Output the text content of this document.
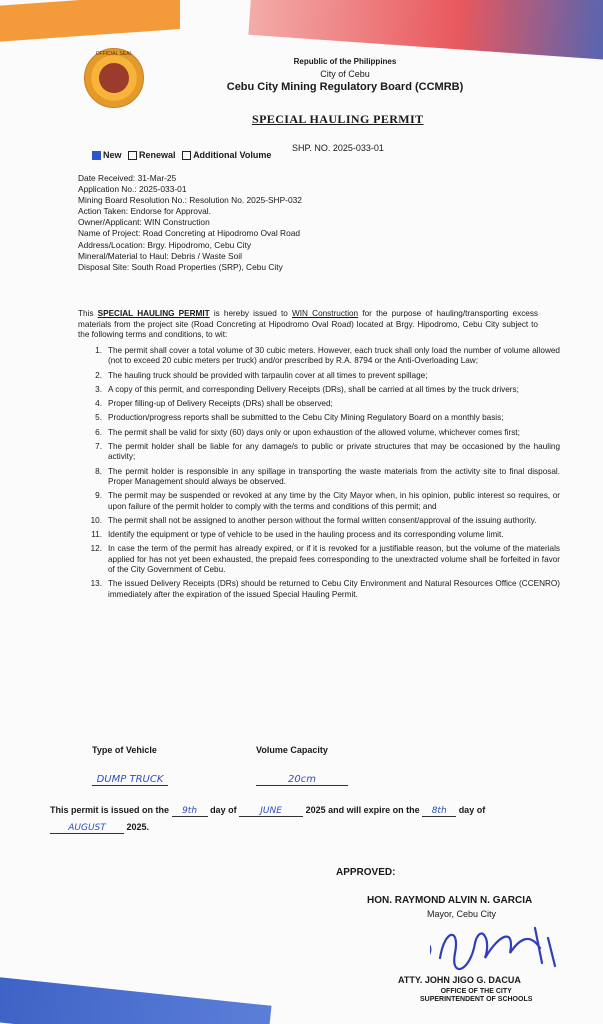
OFFICIAL SEAL
Republic of the Philippines
City of Cebu
Cebu City Mining Regulatory Board (CCMRB)
SPECIAL HAULING PERMIT
SHP. NO. 2025-033-01
New Renewal Additional Volume
Date Received: 31-Mar-25
Application No.: 2025-033-01
Mining Board Resolution No.: Resolution No. 2025-SHP-032
Action Taken: Endorse for Approval.
Owner/Applicant: WIN Construction
Name of Project: Road Concreting at Hipodromo Oval Road
Address/Location: Brgy. Hipodromo, Cebu City
Mineral/Material to Haul: Debris / Waste Soil
Disposal Site: South Road Properties (SRP), Cebu City
This SPECIAL HAULING PERMIT is hereby issued to WIN Construction for the purpose of hauling/transporting excess materials from the project site (Road Concreting at Hipodromo Oval Road) located at Brgy. Hipodromo, Cebu City subject to the following terms and conditions, to wit:
1. The permit shall cover a total volume of 30 cubic meters. However, each truck shall only load the number of volume allowed (not to exceed 20 cubic meters per truck) and/or prescribed by R.A. 8794 or the Anti-Overloading Law;
2. The hauling truck should be provided with tarpaulin cover at all times to prevent spillage;
3. A copy of this permit, and corresponding Delivery Receipts (DRs), shall be carried at all times by the truck drivers;
4. Proper filling-up of Delivery Receipts (DRs) shall be observed;
5. Production/progress reports shall be submitted to the Cebu City Mining Regulatory Board on a monthly basis;
6. The permit shall be valid for sixty (60) days only or upon exhaustion of the allowed volume, whichever comes first;
7. The permit holder shall be liable for any damage/s to public or private structures that may be occasioned by the hauling activity;
8. The permit holder is responsible in any spillage in transporting the waste materials from the activity site to final disposal. Proper Management should always be observed.
9. The permit may be suspended or revoked at any time by the City Mayor when, in his opinion, public interest so requires, or upon failure of the permit holder to comply with the terms and conditions of this permit; and
10. The permit shall not be assigned to another person without the formal written consent/approval of the issuing authority.
11. Identify the equipment or type of vehicle to be used in the hauling process and its corresponding volume limit.
12. In case the term of the permit has already expired, or if it is revoked for a justifiable reason, but the volume of the materials applied for has not yet been exhausted, the prepaid fees corresponding to the unextracted volume shall be forfeited in favor of the City Government of Cebu.
13. The issued Delivery Receipts (DRs) should be returned to Cebu City Environment and Natural Resources Office (CCENRO) immediately after the expiration of the issued Special Hauling Permit.
Type of Vehicle	Volume Capacity
DUMP TRUCK	20cm
This permit is issued on the 9th day of	JUNE	2025 and will expire on the 8th day of
AUGUST 2025.
APPROVED:
HON. RAYMOND ALVIN N. GARCIA
Mayor, Cebu City
ATTY. JOHN JIGO G. DACUA
OFFICE OF THE CITY
SUPERINTENDENT OF SCHOOLS
